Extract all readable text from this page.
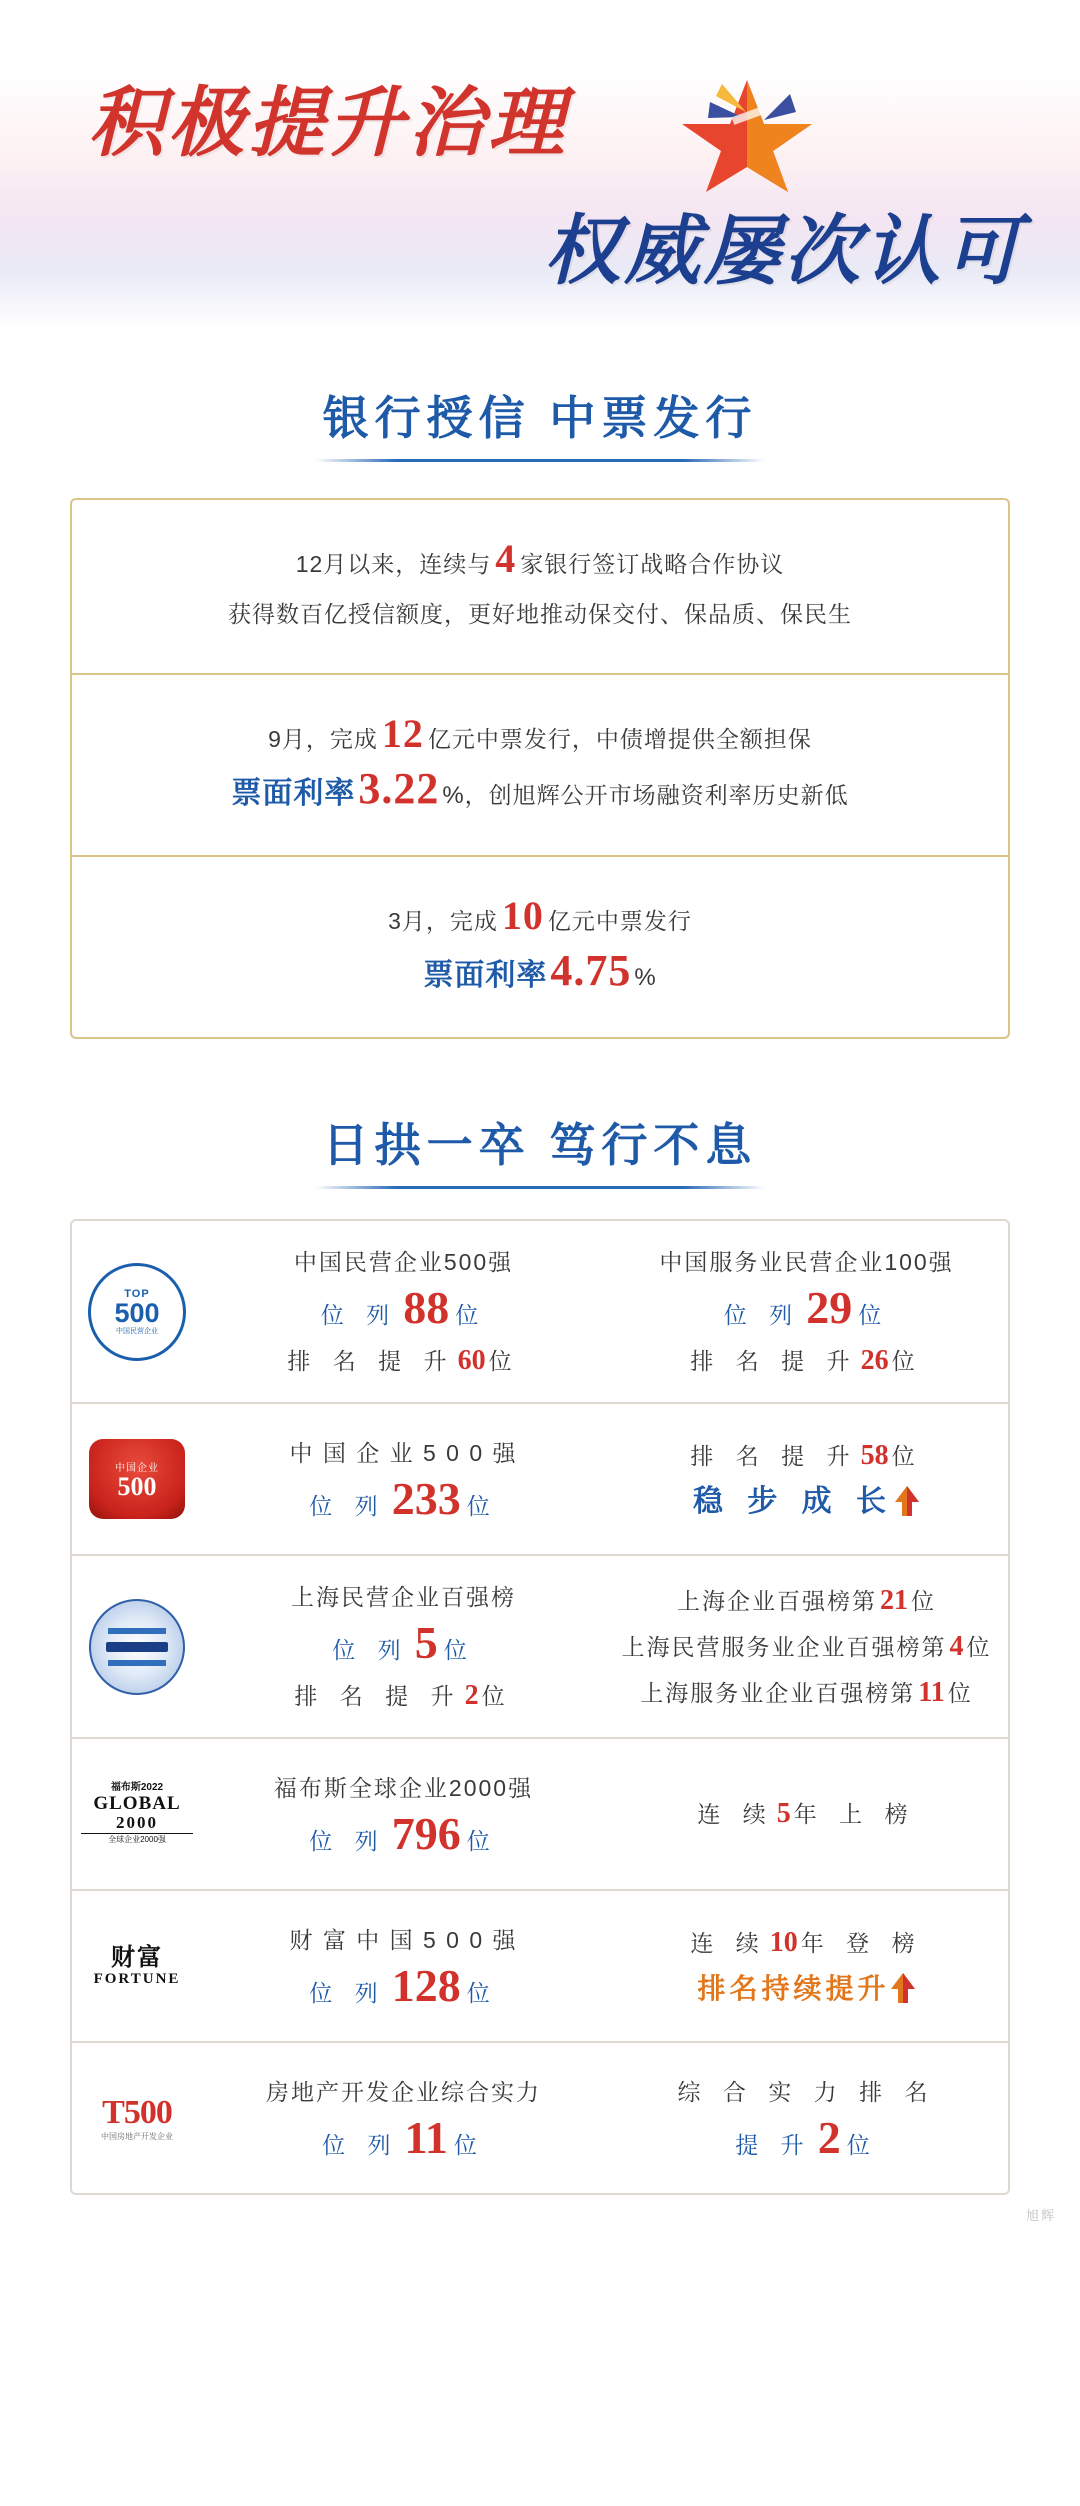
积极提升治理
权威屡次认可
银行授信 中票发行
12月以来，连续与 4 家银行签订战略合作协议
获得数百亿授信额度，更好地推动保交付、保品质、保民生
9月，完成 12 亿元中票发行，中债增提供全额担保
票面利率3.22 %，创旭辉公开市场融资利率历史新低
3月，完成 10 亿元中票发行
票面利率4.75 %
日拱一卒 笃行不息
TOP
500
中国民营企业
中国民营企业500强
位 列 88 位
排 名 提 升 60 位
中国服务业民营企业100强
位 列 29 位
排 名 提 升 26 位
中国企业
500
中 国 企 业 5 0 0 强
位 列 233 位
排 名 提 升 58 位
稳 步 成 长
上海民营企业百强榜
位 列 5 位
排 名 提 升 2 位
上海企业百强榜第 21 位
上海民营服务业企业百强榜第 4 位
上海服务业企业百强榜第 11 位
福布斯2022
GLOBAL
2000
全球企业2000强
福布斯全球企业2000强
位 列 796 位
连 续 5 年 上 榜
财富
FORTUNE
财 富 中 国 5 0 0 强
位 列 128 位
连 续 10 年 登 榜
排名持续提升
T500
中国房地产开发企业
房地产开发企业综合实力
位 列 11 位
综 合 实 力 排 名
提 升 2 位
旭辉
